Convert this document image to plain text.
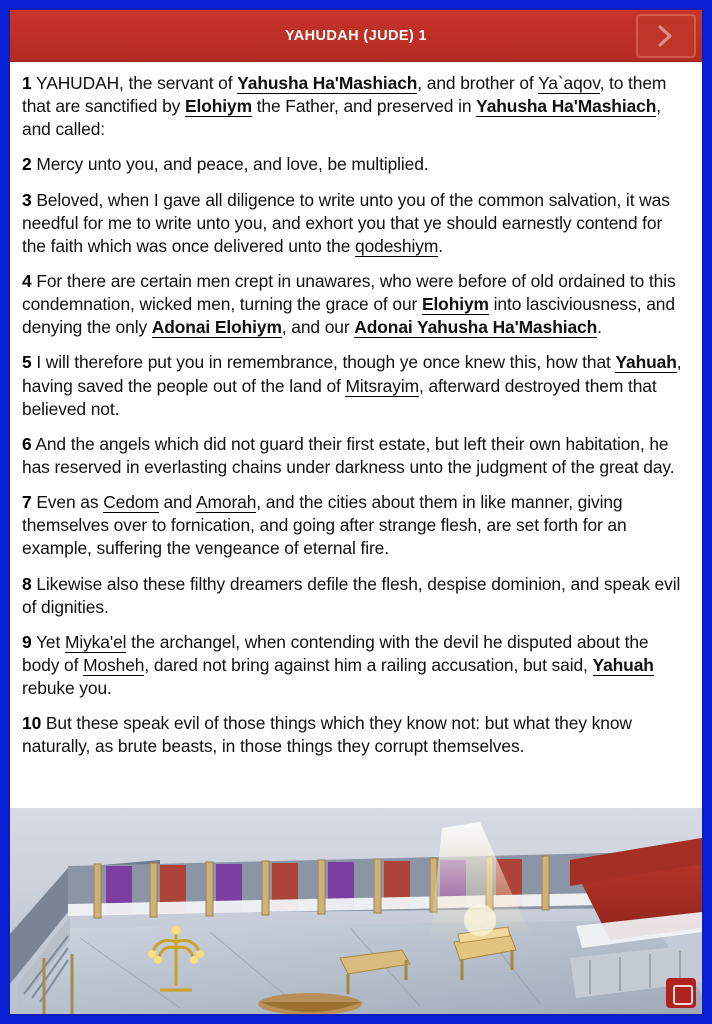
YAHUDAH (JUDE) 1

1 YAHUDAH, the servant of Yahusha Ha'Mashiach, and brother of Ya`aqov, to them that are sanctified by Elohiym the Father, and preserved in Yahusha Ha'Mashiach, and called:

2 Mercy unto you, and peace, and love, be multiplied.

3 Beloved, when I gave all diligence to write unto you of the common salvation, it was needful for me to write unto you, and exhort you that ye should earnestly contend for the faith which was once delivered unto the qodeshiym.

4 For there are certain men crept in unawares, who were before of old ordained to this condemnation, wicked men, turning the grace of our Elohiym into lasciviousness, and denying the only Adonai Elohiym, and our Adonai Yahusha Ha'Mashiach.

5 I will therefore put you in remembrance, though ye once knew this, how that Yahuah, having saved the people out of the land of Mitsrayim, afterward destroyed them that believed not.

6 And the angels which did not guard their first estate, but left their own habitation, he has reserved in everlasting chains under darkness unto the judgment of the great day.

7 Even as Cedom and Amorah, and the cities about them in like manner, giving themselves over to fornication, and going after strange flesh, are set forth for an example, suffering the vengeance of eternal fire.

8 Likewise also these filthy dreamers defile the flesh, despise dominion, and speak evil of dignities.

9 Yet Miyka'el the archangel, when contending with the devil he disputed about the body of Mosheh, dared not bring against him a railing accusation, but said, Yahuah rebuke you.

10 But these speak evil of those things which they know not: but what they know naturally, as brute beasts, in those things they corrupt themselves.
